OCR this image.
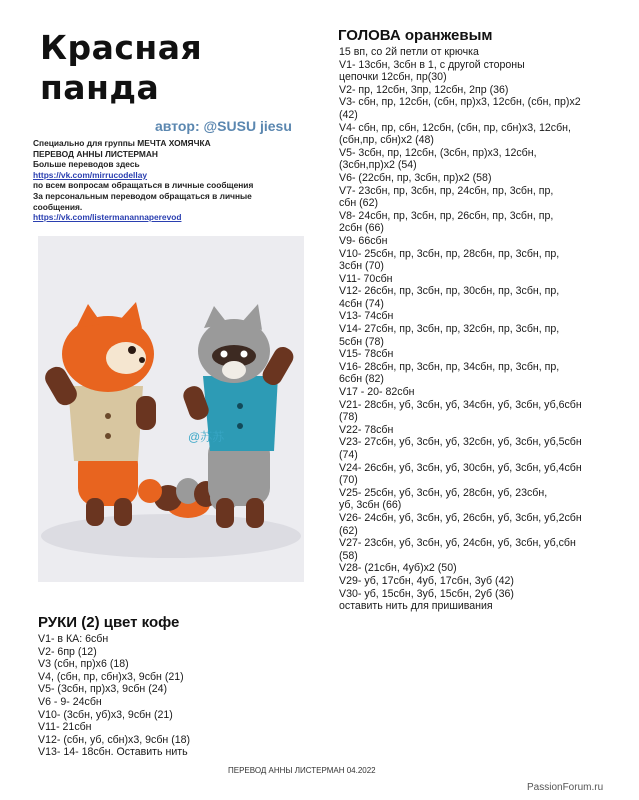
Красная
панда
автор: @SUSU jiesu
Специально для группы МЕЧТА ХОМЯЧКА
ПЕРЕВОД АННЫ ЛИСТЕРМАН
Больше переводов здесь
https://vk.com/mirrucodellay
по всем вопросам обращаться в личные сообщения
За персональным переводом обращаться в личные
сообщения.
https://vk.com/listermanannaperevod
@苏苏
РУКИ (2) цвет кофе
V1- в КА: 6сбн
V2- 6пр (12)
V3 (сбн, пр)х6 (18)
V4, (сбн, пр, сбн)х3, 9сбн (21)
V5- (3сбн, пр)х3, 9сбн (24)
V6 - 9- 24сбн
V10- (3сбн, уб)х3, 9сбн (21)
V11- 21сбн
V12- (сбн, уб, сбн)х3, 9сбн (18)
V13- 14- 18сбн. Оставить нить
ГОЛОВА оранжевым
15 вп, со 2й петли от крючка
V1- 13сбн, 3сбн в 1, с другой стороны
цепочки 12сбн, пр(30)
V2- пр, 12сбн, 3пр, 12сбн, 2пр (36)
V3- сбн, пр, 12сбн, (сбн, пр)х3, 12сбн, (сбн, пр)х2
(42)
V4- сбн, пр, сбн, 12сбн, (сбн, пр, сбн)х3, 12сбн,
(сбн,пр, сбн)х2 (48)
V5- 3сбн, пр, 12сбн, (3сбн, пр)х3, 12сбн,
(3сбн,пр)х2 (54)
V6- (22сбн, пр, 3сбн, пр)х2 (58)
V7- 23сбн, пр, 3сбн, пр, 24сбн, пр, 3сбн, пр,
сбн (62)
V8- 24сбн, пр, 3сбн, пр, 26сбн, пр, 3сбн, пр,
2сбн (66)
V9- 66сбн
V10- 25сбн, пр, 3сбн, пр, 28сбн, пр, 3сбн, пр,
3сбн (70)
V11- 70сбн
V12- 26сбн, пр, 3сбн, пр, 30сбн, пр, 3сбн, пр,
4сбн (74)
V13- 74сбн
V14- 27сбн, пр, 3сбн, пр, 32сбн, пр, 3сбн, пр,
5сбн (78)
V15- 78сбн
V16- 28сбн, пр, 3сбн, пр, 34сбн, пр, 3сбн, пр,
6сбн (82)
V17 - 20- 82сбн
V21- 28сбн, уб, 3сбн, уб, 34сбн, уб, 3сбн, уб,6сбн
(78)
V22- 78сбн
V23- 27сбн, уб, 3сбн, уб, 32сбн, уб, 3сбн, уб,5сбн
(74)
V24- 26сбн, уб, 3сбн, уб, 30сбн, уб, 3сбн, уб,4сбн
(70)
V25- 25сбн, уб, 3сбн, уб, 28сбн, уб, 23сбн,
уб, 3сбн (66)
V26- 24сбн, уб, 3сбн, уб, 26сбн, уб, 3сбн, уб,2сбн
(62)
V27- 23сбн, уб, 3сбн, уб, 24сбн, уб, 3сбн, уб,сбн
(58)
V28- (21сбн, 4уб)х2 (50)
V29- уб, 17сбн, 4уб, 17сбн, 3уб (42)
V30- уб, 15сбн, 3уб, 15сбн, 2уб (36)
оставить нить для пришивания
ПЕРЕВОД АННЫ ЛИСТЕРМАН 04.2022
PassionForum.ru
